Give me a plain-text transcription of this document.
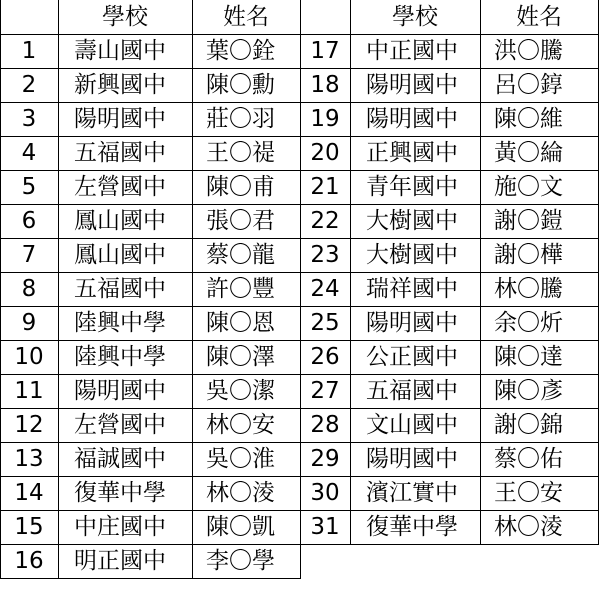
學校	姓名
1	壽山國中	葉〇銓
2	新興國中	陳〇勳
3	陽明國中	莊〇羽
4	五福國中	王〇禔
5	左營國中	陳〇甫
6	鳳山國中	張〇君
7	鳳山國中	蔡〇龍
8	五福國中	許〇豐
9	陸興中學	陳〇恩
10	陸興中學	陳〇澤
11	陽明國中	吳〇潔
12	左營國中	林〇安
13	福誠國中	吳〇淮
14	復華中學	林〇淩
15	中庄國中	陳〇凱
16	明正國中	李〇學
學校	姓名
17	中正國中	洪〇騰
18	陽明國中	呂〇錞
19	陽明國中	陳〇維
20	正興國中	黃〇綸
21	青年國中	施〇文
22	大樹國中	謝〇鎧
23	大樹國中	謝〇樺
24	瑞祥國中	林〇騰
25	陽明國中	余〇炘
26	公正國中	陳〇達
27	五福國中	陳〇彥
28	文山國中	謝〇錦
29	陽明國中	蔡〇佑
30	濱江實中	王〇安
31	復華中學	林〇淩
